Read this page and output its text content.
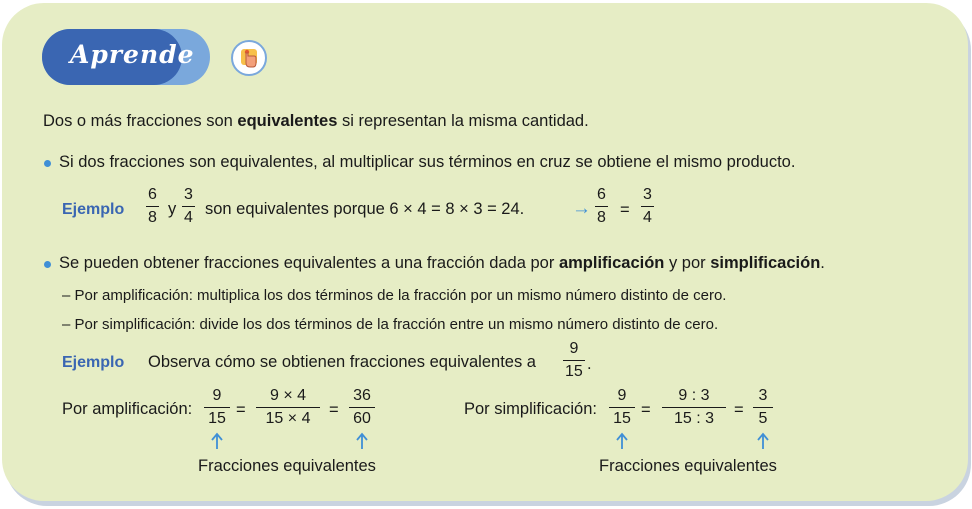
Aprende
Dos o más fracciones son equivalentes si representan la misma cantidad.
Si dos fracciones son equivalentes, al multiplicar sus términos en cruz se obtiene el mismo producto.
Ejemplo
6
8 y
3
4 son equivalentes porque 6 × 4 = 8 × 3 = 24.	→
6
8 =
3
4
Se pueden obtener fracciones equivalentes a una fracción dada por amplificación y por simplificación.
– Por amplificación: multiplica los dos términos de la fracción por un mismo número distinto de cero.
– Por simplificación: divide los dos términos de la fracción entre un mismo número distinto de cero.
Ejemplo Observa cómo se obtienen fracciones equivalentes a
9
15 .
Por amplificación:
9
15 =
9 × 4
15 × 4	=
36
60
Fracciones equivalentes
Por simplificación:
9
15 =
9 : 3
15 : 3	=
3
5
Fracciones equivalentes
